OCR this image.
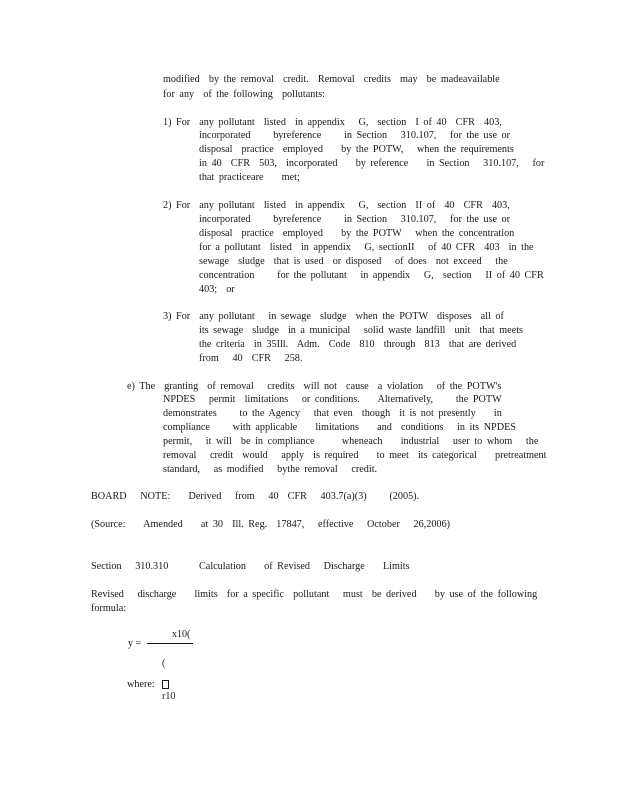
modified  by the removal  credit.  Removal  credits  may  be madeavailable
for any  of the following  pollutants:
1) For  any pollutant  listed  in appendix   G,  section  I of 40  CFR  403,
incorporated     byreference     in Section   310.107,   for the use or
disposal  practice  employed    by the POTW,   when the requirements
in 40  CFR  503,  incorporated    by reference    in Section   310.107,   for
that practiceare    met;
2) For  any pollutant  listed  in appendix   G,  section  II of  40  CFR  403,
incorporated     byreference     in Section   310.107,   for the use or
disposal  practice  employed    by the POTW   when the concentration
for a pollutant  listed  in appendix   G, sectionII   of 40 CFR  403  in the
sewage  sludge  that is used  or disposed   of does  not exceed   the
concentration     for the pollutant   in appendix   G,  section   II of 40 CFR
403;  or
3) For  any pollutant   in sewage  sludge  when the POTW  disposes  all of
its sewage  sludge  in a municipal   solid waste landfill  unit  that meets
the criteria  in 35Ill.  Adm.  Code  810  through  813  that are derived
from   40  CFR   258.
e) The  granting  of removal   credits  will not  cause  a violation   of the POTW's
NPDES   permit  limitations   or conditions.    Alternatively,     the POTW
demonstrates     to the Agency   that even  though  it is not presently    in
compliance     with applicable    limitations    and  conditions   in its NPDES
permit,   it will  be in compliance      wheneach    industrial   user to whom   the
removal   credit  would   apply  is required    to meet  its categorical    pretreatment
standard,   as modified   bythe removal   credit.
BOARD   NOTE:    Derived   from   40  CFR   403.7(a)(3)     (2005).
(Source:    Amended    at 30  Ill. Reg.  17847,   effective   October   26,2006)
Section   310.310	Calculation    of Revised   Discharge    Limits
Revised   discharge    limits  for a specific  pollutant   must  be derived    by use of the following
formula:
y =
x10(

(

r10

where:
